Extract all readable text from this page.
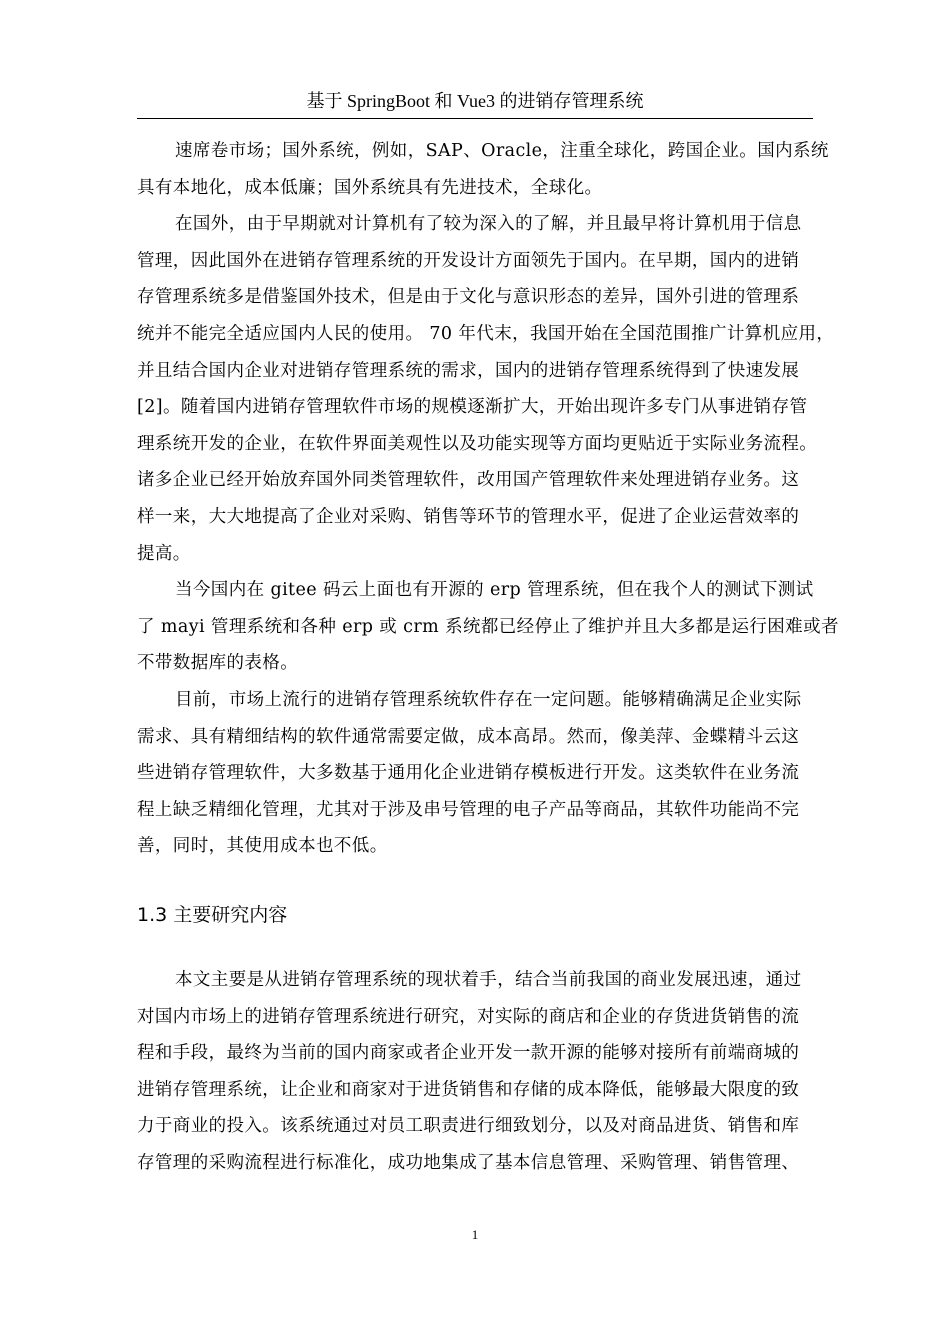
基于 SpringBoot 和 Vue3 的进销存管理系统
速席卷市场；国外系统，例如，SAP、Oracle，注重全球化，跨国企业。国内系统
具有本地化，成本低廉；国外系统具有先进技术，全球化。
在国外，由于早期就对计算机有了较为深入的了解，并且最早将计算机用于信息
管理，因此国外在进销存管理系统的开发设计方面领先于国内。在早期，国内的进销
存管理系统多是借鉴国外技术，但是由于文化与意识形态的差异，国外引进的管理系
统并不能完全适应国内人民的使用。 70 年代末，我国开始在全国范围推广计算机应用，
并且结合国内企业对进销存管理系统的需求，国内的进销存管理系统得到了快速发展
[2]。随着国内进销存管理软件市场的规模逐渐扩大，开始出现许多专门从事进销存管
理系统开发的企业，在软件界面美观性以及功能实现等方面均更贴近于实际业务流程。
诸多企业已经开始放弃国外同类管理软件，改用国产管理软件来处理进销存业务。这
样一来，大大地提高了企业对采购、销售等环节的管理水平，促进了企业运营效率的
提高。
当今国内在 gitee 码云上面也有开源的 erp 管理系统，但在我个人的测试下测试
了 mayi 管理系统和各种 erp 或 crm 系统都已经停止了维护并且大多都是运行困难或者
不带数据库的表格。
目前，市场上流行的进销存管理系统软件存在一定问题。能够精确满足企业实际
需求、具有精细结构的软件通常需要定做，成本高昂。然而，像美萍、金蝶精斗云这
些进销存管理软件，大多数基于通用化企业进销存模板进行开发。这类软件在业务流
程上缺乏精细化管理，尤其对于涉及串号管理的电子产品等商品，其软件功能尚不完
善，同时，其使用成本也不低。
1.3 主要研究内容
本文主要是从进销存管理系统的现状着手，结合当前我国的商业发展迅速，通过
对国内市场上的进销存管理系统进行研究，对实际的商店和企业的存货进货销售的流
程和手段，最终为当前的国内商家或者企业开发一款开源的能够对接所有前端商城的
进销存管理系统，让企业和商家对于进货销售和存储的成本降低，能够最大限度的致
力于商业的投入。该系统通过对员工职责进行细致划分，以及对商品进货、销售和库
存管理的采购流程进行标准化，成功地集成了基本信息管理、采购管理、销售管理、
1
